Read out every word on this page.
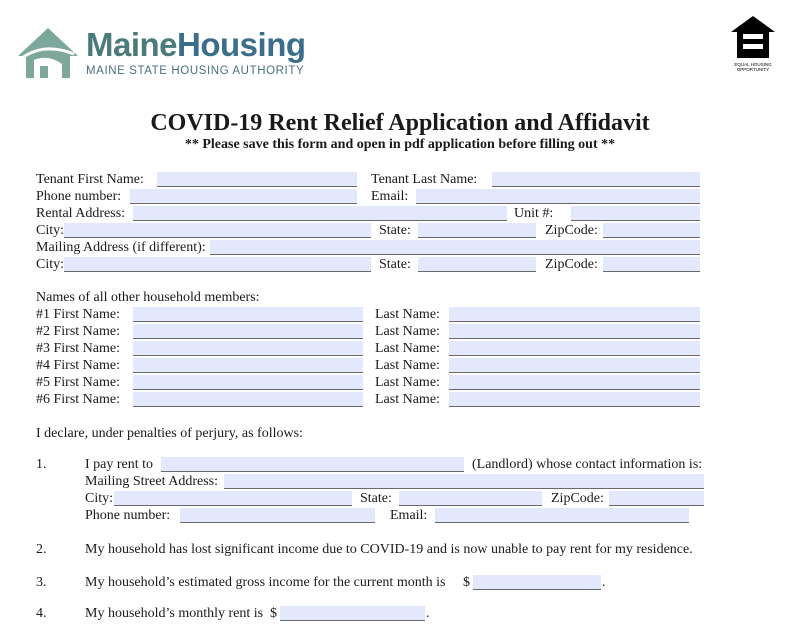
MaineHousing
MAINE STATE HOUSING AUTHORITY
EQUAL HOUSING OPPORTUNITY
COVID-19 Rent Relief Application and Affidavit
** Please save this form and open in pdf application before filling out **
Tenant First Name:	Tenant Last Name:
Phone number:	Email:
Rental Address:	Unit #:
City:	State:	ZipCode:
Mailing Address (if different):
City:	State:	ZipCode:
Names of all other household members:
#1 First Name:	Last Name:
#2 First Name:	Last Name:
#3 First Name:	Last Name:
#4 First Name:	Last Name:
#5 First Name:	Last Name:
#6 First Name:	Last Name:
I declare, under penalties of perjury, as follows:
1.	I pay rent to	(Landlord) whose contact information is:
Mailing Street Address:
City:	State:	ZipCode:
Phone number:	Email:
2.	My household has lost significant income due to COVID-19 and is now unable to pay rent for my residence.
3.	My household’s estimated gross income for the current month is $	.
4.	My household’s monthly rent is $	.
